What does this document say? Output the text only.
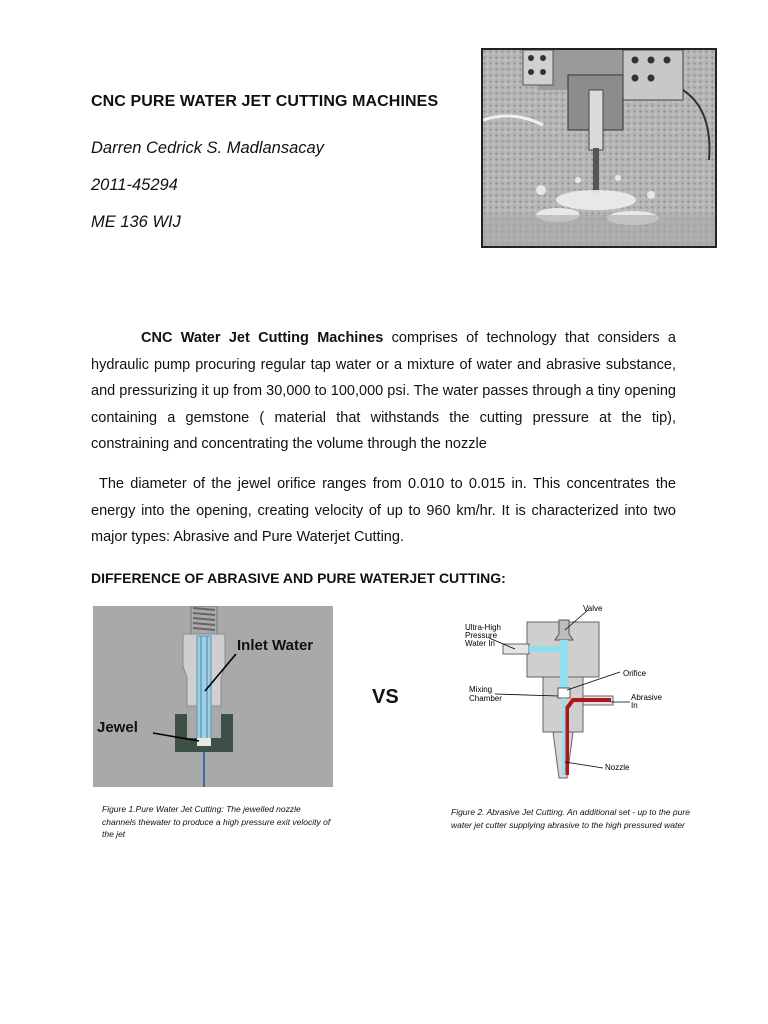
CNC PURE WATER JET CUTTING MACHINES
Darren Cedrick S. Madlansacay
2011-45294
ME 136 WIJ
CNC Water Jet Cutting Machines comprises of technology that considers a hydraulic pump procuring regular tap water or a mixture of water and abrasive substance, and pressurizing it up from 30,000 to 100,000 psi. The water passes through a tiny opening containing a gemstone ( material that withstands the cutting pressure at the tip), constraining and concentrating the volume through the nozzle
The diameter of the jewel orifice ranges from 0.010 to 0.015 in. This concentrates the energy into the opening, creating velocity of up to 960 km/hr. It is characterized into two major types: Abrasive and Pure Waterjet Cutting.
DIFFERENCE OF ABRASIVE AND PURE WATERJET CUTTING:
Inlet Water
Jewel
VS
Valve
Ultra-High
Pressure
Water In
Orifice
Mixing
Chamber	Abrasive
In
Nozzle
Figure 1.Pure Water Jet Cutting: The jewelled nozzle channels thewater to produce a high pressure exit velocity of the jet
Figure 2. Abrasive Jet Cutting. An additional set - up to the pure water jet cutter supplying abrasive to the high pressured water
